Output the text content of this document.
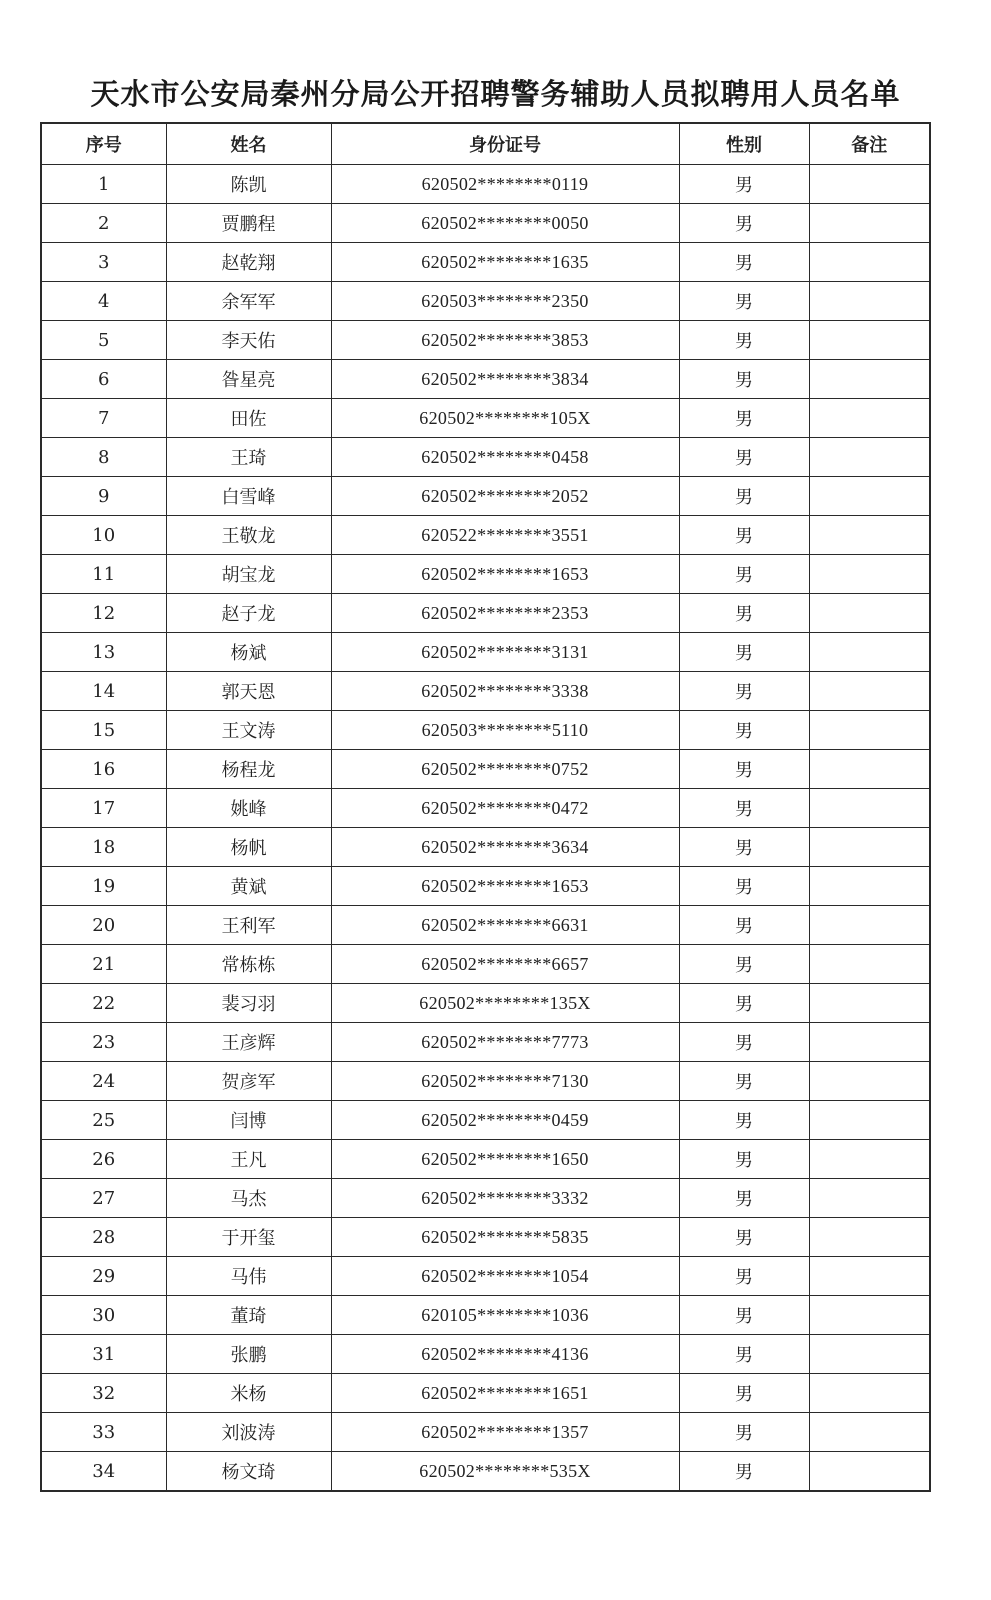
天水市公安局秦州分局公开招聘警务辅助人员拟聘用人员名单
序号	姓名	身份证号	性别	备注
1	陈凯	620502********0119	男	
2	贾鹏程	620502********0050	男	
3	赵乾翔	620502********1635	男	
4	余军军	620503********2350	男	
5	李天佑	620502********3853	男	
6	昝星亮	620502********3834	男	
7	田佐	620502********105X	男	
8	王琦	620502********0458	男	
9	白雪峰	620502********2052	男	
10	王敬龙	620522********3551	男	
11	胡宝龙	620502********1653	男	
12	赵子龙	620502********2353	男	
13	杨斌	620502********3131	男	
14	郭天恩	620502********3338	男	
15	王文涛	620503********5110	男	
16	杨程龙	620502********0752	男	
17	姚峰	620502********0472	男	
18	杨帆	620502********3634	男	
19	黄斌	620502********1653	男	
20	王利军	620502********6631	男	
21	常栋栋	620502********6657	男	
22	裴习羽	620502********135X	男	
23	王彦辉	620502********7773	男	
24	贺彦军	620502********7130	男	
25	闫博	620502********0459	男	
26	王凡	620502********1650	男	
27	马杰	620502********3332	男	
28	于开玺	620502********5835	男	
29	马伟	620502********1054	男	
30	董琦	620105********1036	男	
31	张鹏	620502********4136	男	
32	米杨	620502********1651	男	
33	刘波涛	620502********1357	男	
34	杨文琦	620502********535X	男	
